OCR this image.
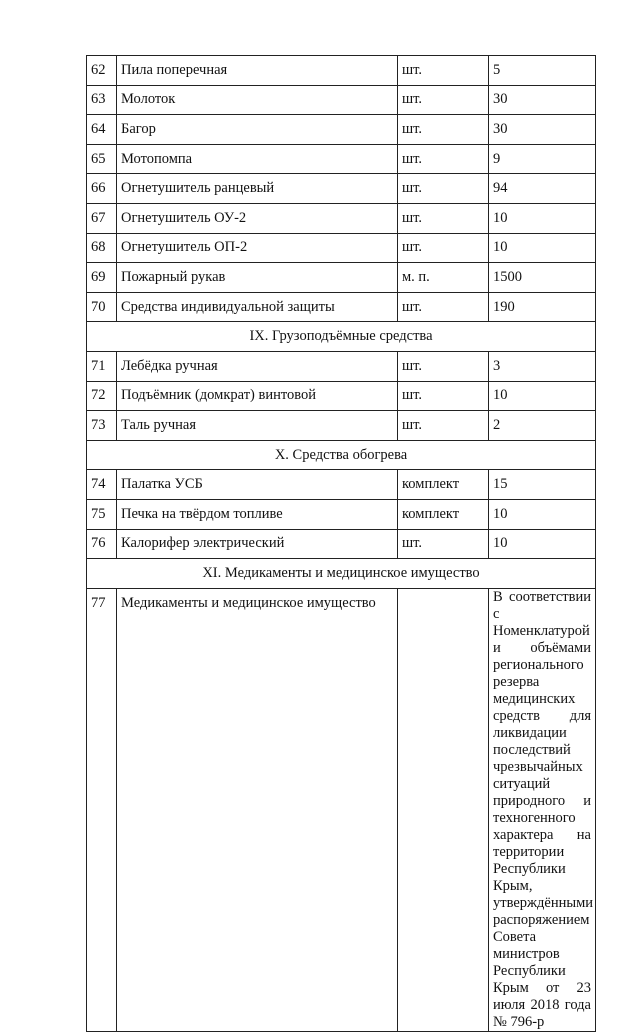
62	Пила поперечная	шт.	5
63	Молоток	шт.	30
64	Багор	шт.	30
65	Мотопомпа	шт.	9
66	Огнетушитель ранцевый	шт.	94
67	Огнетушитель ОУ-2	шт.	10
68	Огнетушитель ОП-2	шт.	10
69	Пожарный рукав	м. п.	1500
70	Средства индивидуальной защиты	шт.	190
IX. Грузоподъёмные средства			
71	Лебёдка ручная	шт.	3
72	Подъёмник (домкрат) винтовой	шт.	10
73	Таль ручная	шт.	2
X. Средства обогрева			
74	Палатка УСБ	комплект	15
75	Печка на твёрдом топливе	комплект	10
76	Калорифер электрический	шт.	10
XI. Медикаменты и медицинское имущество			
77	Медикаменты и медицинское имущество		В соответствии с Номенклатурой и объёмами регионального резерва медицинских средств для ликвидации последствий чрезвычайных ситуаций природного и техногенного характера на территории Республики Крым, утверждёнными распоряжением Совета министров Республики Крым от 23 июля 2018 года № 796-р
